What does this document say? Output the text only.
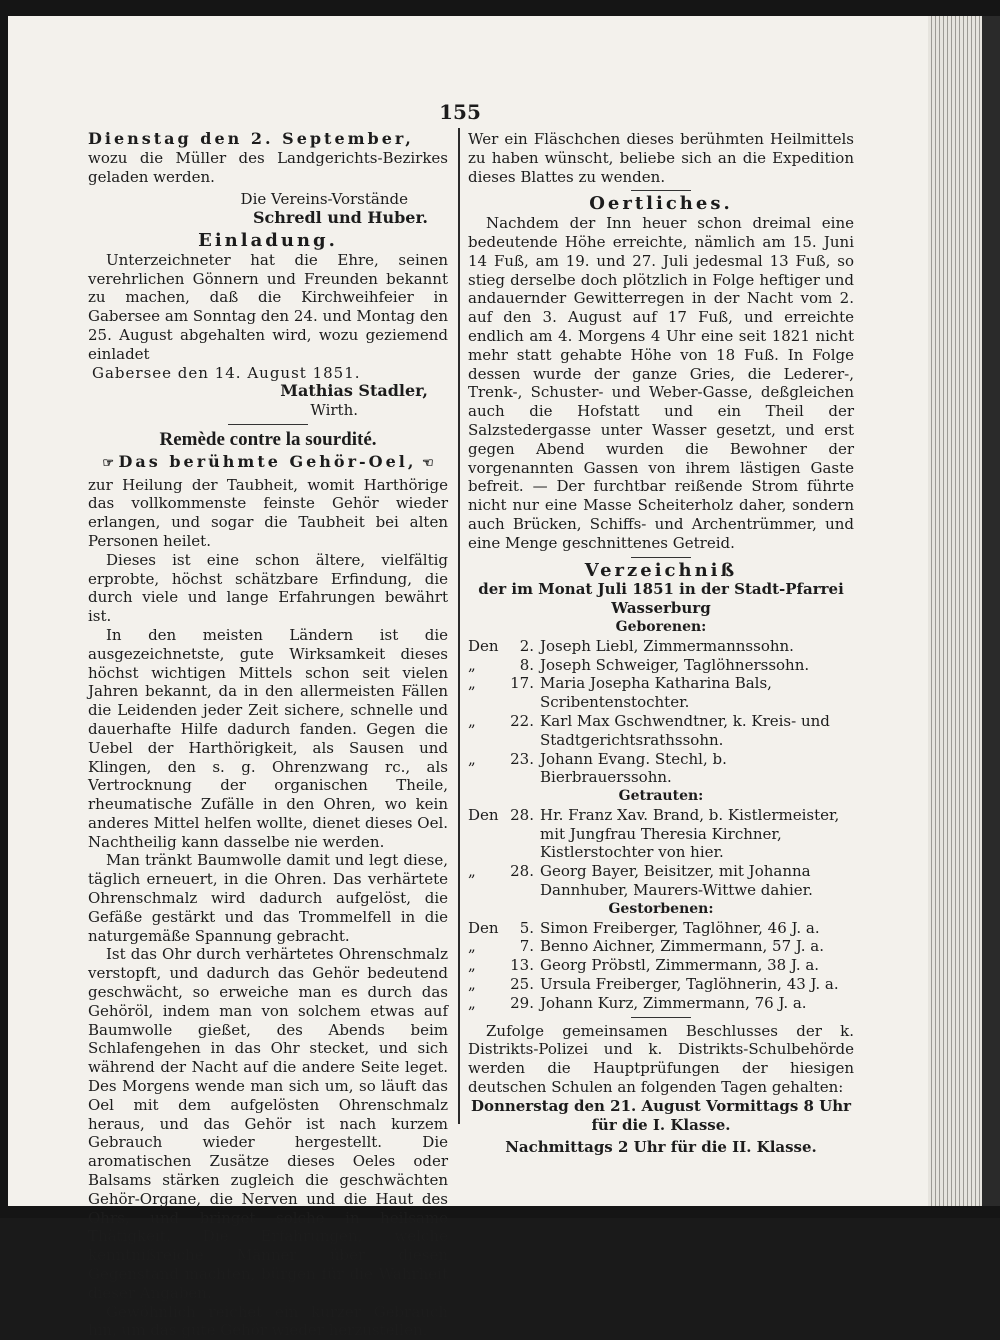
155

Dienstag den 2. September,

wozu die Müller des Landgerichts-Bezirkes geladen werden.

Die Vereins-Vorstände

Schredl und Huber.

Einladung.

Unterzeichneter hat die Ehre, seinen verehrlichen Gönnern und Freunden bekannt zu machen, daß die Kirchweihfeier in Gabersee am Sonntag den 24. und Montag den 25. August abgehalten wird, wozu geziemend einladet

Gabersee den 14. August 1851.

Mathias Stadler,

Wirth.

Remède contre la sourdité.

☞ Das berühmte Gehör-Oel, ☜

zur Heilung der Taubheit, womit Harthörige das vollkommenste feinste Gehör wieder erlangen, und sogar die Taubheit bei alten Personen heilet.

Dieses ist eine schon ältere, vielfältig erprobte, höchst schätzbare Erfindung, die durch viele und lange Erfahrungen bewährt ist.

In den meisten Ländern ist die ausgezeichnetste, gute Wirksamkeit dieses höchst wichtigen Mittels schon seit vielen Jahren bekannt, da in den allermeisten Fällen die Leidenden jeder Zeit sichere, schnelle und dauerhafte Hilfe dadurch fanden. Gegen die Uebel der Harthörigkeit, als Sausen und Klingen, den s. g. Ohrenzwang rc., als Vertrocknung der organischen Theile, rheumatische Zufälle in den Ohren, wo kein anderes Mittel helfen wollte, dienet dieses Oel. Nachtheilig kann dasselbe nie werden.

Man tränkt Baumwolle damit und legt diese, täglich erneuert, in die Ohren. Das verhärtete Ohrenschmalz wird dadurch aufgelöst, die Gefäße gestärkt und das Trommelfell in die naturgemäße Spannung gebracht.

Ist das Ohr durch verhärtetes Ohrenschmalz verstopft, und dadurch das Gehör bedeutend geschwächt, so erweiche man es durch das Gehöröl, indem man von solchem etwas auf Baumwolle gießet, des Abends beim Schlafengehen in das Ohr stecket, und sich während der Nacht auf die andere Seite leget. Des Morgens wende man sich um, so läuft das Oel mit dem aufgelösten Ohrenschmalz heraus, und das Gehör ist nach kurzem Gebrauch wieder hergestellt. Die aromatischen Zusätze dieses Oeles oder Balsams stärken zugleich die geschwächten Gehör-Organe, die Nerven und die Haut des Ohrs, und bringet solche in heilsame Thätigkeit. Die Erfahrungen, welche kenntnißreiche Männer über diesen Gegenstand machten, bürgen für die Wahrheit dieser Angaben.

Gewöhnlich reichet ein kurzer Gebrauch hin, um das gute Gehör wieder herzustellen.

Wer ein Fläschchen dieses berühmten Heilmittels zu haben wünscht, beliebe sich an die Expedition dieses Blattes zu wenden.

Oertliches.

Nachdem der Inn heuer schon dreimal eine bedeutende Höhe erreichte, nämlich am 15. Juni 14 Fuß, am 19. und 27. Juli jedesmal 13 Fuß, so stieg derselbe doch plötzlich in Folge heftiger und andauernder Gewitterregen in der Nacht vom 2. auf den 3. August auf 17 Fuß, und erreichte endlich am 4. Morgens 4 Uhr eine seit 1821 nicht mehr statt gehabte Höhe von 18 Fuß. In Folge dessen wurde der ganze Gries, die Lederer-, Trenk-, Schuster- und Weber-Gasse, deßgleichen auch die Hofstatt und ein Theil der Salzstedergasse unter Wasser gesetzt, und erst gegen Abend wurden die Bewohner der vorgenannten Gassen von ihrem lästigen Gaste befreit. — Der furchtbar reißende Strom führte nicht nur eine Masse Scheiterholz daher, sondern auch Brücken, Schiffs- und Archentrümmer, und eine Menge geschnittenes Getreid.

Verzeichniß

der im Monat Juli 1851 in der Stadt-Pfarrei

Wasserburg

Geborenen:

Den	2. Joseph Liebl, Zimmermannssohn.
„	8. Joseph Schweiger, Taglöhnerssohn.
„	17. Maria Josepha Katharina Bals, Scribentenstochter.
„	22. Karl Max Gschwendtner, k. Kreis- und Stadtgerichtsrathssohn.
„	23. Johann Evang. Stechl, b. Bierbrauerssohn.

Getrauten:

Den 28. Hr. Franz Xav. Brand, b. Kistlermeister, mit Jungfrau Theresia Kirchner, Kistlerstochter von hier.
„	28. Georg Bayer, Beisitzer, mit Johanna Dannhuber, Maurers-Wittwe dahier.

Gestorbenen:

Den	5. Simon Freiberger, Taglöhner, 46 J. a.
„	7. Benno Aichner, Zimmermann, 57 J. a.
„	13. Georg Pröbstl, Zimmermann, 38 J. a.
„	25. Ursula Freiberger, Taglöhnerin, 43 J. a.
„	29. Johann Kurz, Zimmermann, 76 J. a.

Zufolge gemeinsamen Beschlusses der k. Distrikts-Polizei und k. Distrikts-Schulbehörde werden die Hauptprüfungen der hiesigen deutschen Schulen an folgenden Tagen gehalten:

Donnerstag den 21. August Vormittags 8 Uhr

für die I. Klasse.

Nachmittags 2 Uhr für die II. Klasse.
